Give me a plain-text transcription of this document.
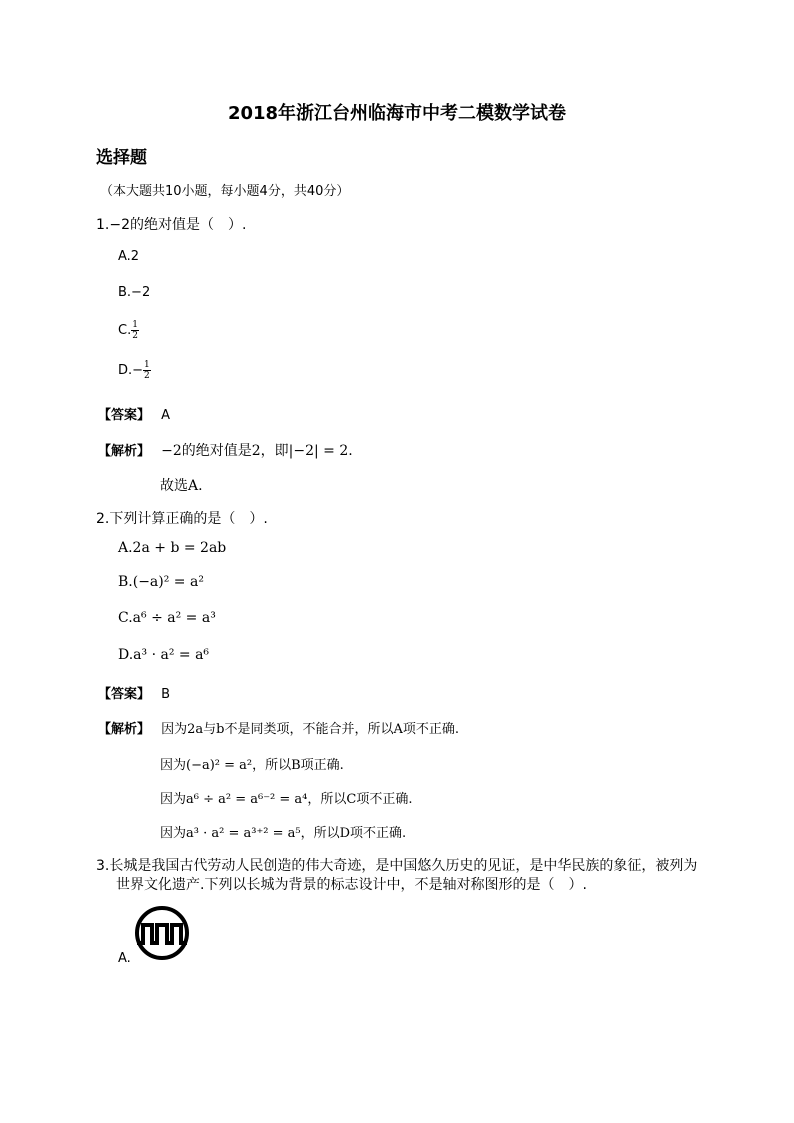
2018年浙江台州临海市中考二模数学试卷
选择题
（本大题共10小题，每小题4分，共40分）
1.−2的绝对值是（　）.
A.2
B.−2
C. $\frac{1}{2}$
$D.- \frac{1}{2}$
【答案】 A
【解析】 −2的绝对值是2，即|−2| = 2.
故选A.
2.下列计算正确的是（　）.
A.2a + b = 2ab
B.(−a)² = a²
C.a⁶ ÷ a² = a³
D.a³ · a² = a⁶
【答案】 B
【解析】 因为2a与b不是同类项，不能合并，所以A项不正确.
因为(−a)² = a²，所以B项正确.
因为a⁶ ÷ a² = a⁶⁻² = a⁴，所以C项不正确.
因为a³ · a² = a³⁺² = a⁵，所以D项不正确.
3.长城是我国古代劳动人民创造的伟大奇迹，是中国悠久历史的见证，是中华民族的象征，被列为
世界文化遗产.下列以长城为背景的标志设计中，不是轴对称图形的是（　）.
A.
